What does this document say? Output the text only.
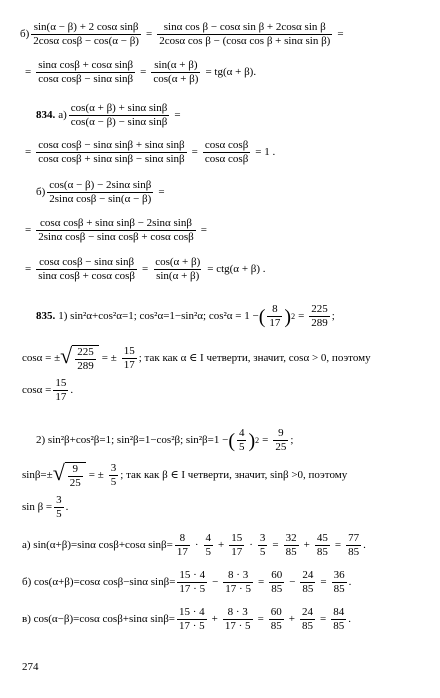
$б) \frac{\text{sin(α − β) + 2 cosα sinβ}}{\text{2cosα cosβ − cos(α − β)}} = \frac{\text{sinα cos β − cosα sin β + 2cosα sin β}}{\text{2cosα cos β − (cosα cos β + sinα sin β)}}$ =
= $\frac{\text{sinα cosβ + cosα sinβ}}{\text{cosα cosβ − sinα sinβ}} = \frac{\sin(\alpha + \beta)}{\cos(\alpha + \beta)} = tg(\alpha + \beta)$.
834. $а) \frac{\text{cos(α + β) + sinα sinβ}}{\text{cos(α − β) − sinα sinβ}}$ =
= $\frac{\text{cosα cosβ − sinα sinβ + sinα sinβ}}{\text{cosα cosβ + sinα sinβ − sinα sinβ}} = \frac{\text{cosα cosβ}}{\text{cosα cosβ}} = 1$ .
$б) \frac{\text{cos(α − β) − 2sinα sinβ}}{\text{2sinα cosβ − sin(α − β)}}$ =
= $\frac{\text{cosα cosβ + sinα sinβ − 2sinα sinβ}}{\text{2sinα cosβ − sinα cosβ + cosα cosβ}}$ =
= $\frac{\text{cosα cosβ − sinα sinβ}}{\text{sinα cosβ + cosα cosβ}} = \frac{\cos(\alpha + \beta)}{\sin(\alpha + \beta)} = ctg(\alpha + \beta)$ .
835. 1) sin²α+cos²α=1; cos²α=1−sin²α; cos²α = 1 − ( $\frac{8}{17}$ ) $2 = \frac{225}{289}$ ;
cosα = ± √ $\frac{225}{289}$ = ± $\frac{15}{17}$ ; так как α ∈ I четверти, значит, cosα > 0, поэтому
$\cos\alpha = \frac{15}{17}$ .
2) sin²β+cos²β=1; sin²β=1−cos²β; sin²β=1 − ( $\frac{4}{5}$ ) $2 = \frac{9}{25}$ ;
sinβ=± √ $\frac{9}{25}$ = ± $\frac{3}{5}$ ; так как β ∈ I четверти, значит, sinβ >0, поэтому
$\sin \beta = \frac{3}{5}$ .
а) sin(α+β)=sinα cosβ+cosα $\sin\beta= \frac{8}{17} \cdot \frac{4}{5} + \frac{15}{17} \cdot \frac{3}{5} = \frac{32}{85} + \frac{45}{85} = \frac{77}{85}$ .
б) cos(α+β)=cosα cosβ−sinα $\sin\beta= \frac{15 \cdot 4}{17 \cdot 5} - \frac{8 \cdot 3}{17 \cdot 5} = \frac{60}{85} - \frac{24}{85} = \frac{36}{85}$ .
в) cos(α−β)=cosα cosβ+sinα $\sin\beta= \frac{15 \cdot 4}{17 \cdot 5} + \frac{8 \cdot 3}{17 \cdot 5} = \frac{60}{85} + \frac{24}{85} = \frac{84}{85}$ .
274
